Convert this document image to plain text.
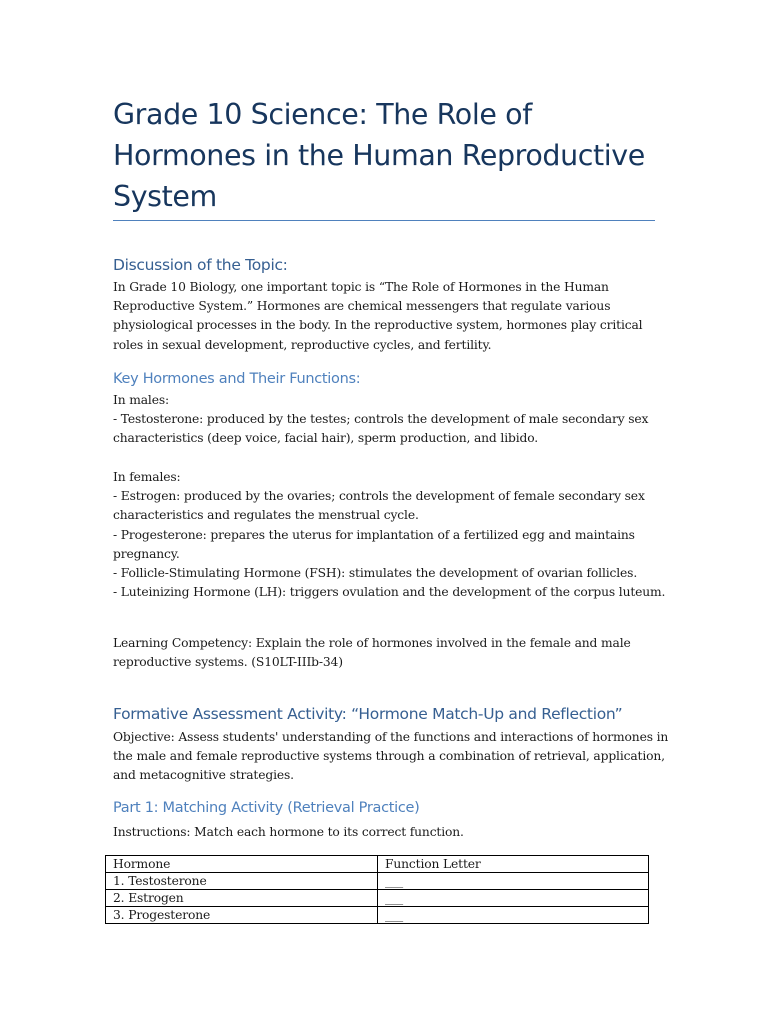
Grade 10 Science: The Role of Hormones in the Human Reproductive System
Discussion of the Topic:

In Grade 10 Biology, one important topic is “The Role of Hormones in the Human
Reproductive System.” Hormones are chemical messengers that regulate various
physiological processes in the body. In the reproductive system, hormones play critical
roles in sexual development, reproductive cycles, and fertility.

Key Hormones and Their Functions:

In males:
- Testosterone: produced by the testes; controls the development of male secondary sex
characteristics (deep voice, facial hair), sperm production, and libido.

In females:
- Estrogen: produced by the ovaries; controls the development of female secondary sex
characteristics and regulates the menstrual cycle.
- Progesterone: prepares the uterus for implantation of a fertilized egg and maintains
pregnancy.
- Follicle-Stimulating Hormone (FSH): stimulates the development of ovarian follicles.
- Luteinizing Hormone (LH): triggers ovulation and the development of the corpus luteum.

Learning Competency: Explain the role of hormones involved in the female and male
reproductive systems. (S10LT-IIIb-34)

Formative Assessment Activity: “Hormone Match-Up and Reflection”

Objective: Assess students' understanding of the functions and interactions of hormones in
the male and female reproductive systems through a combination of retrieval, application,
and metacognitive strategies.

Part 1: Matching Activity (Retrieval Practice)

Instructions: Match each hormone to its correct function.

Hormone	Function Letter
1. Testosterone	___
2. Estrogen	___
3. Progesterone	___
